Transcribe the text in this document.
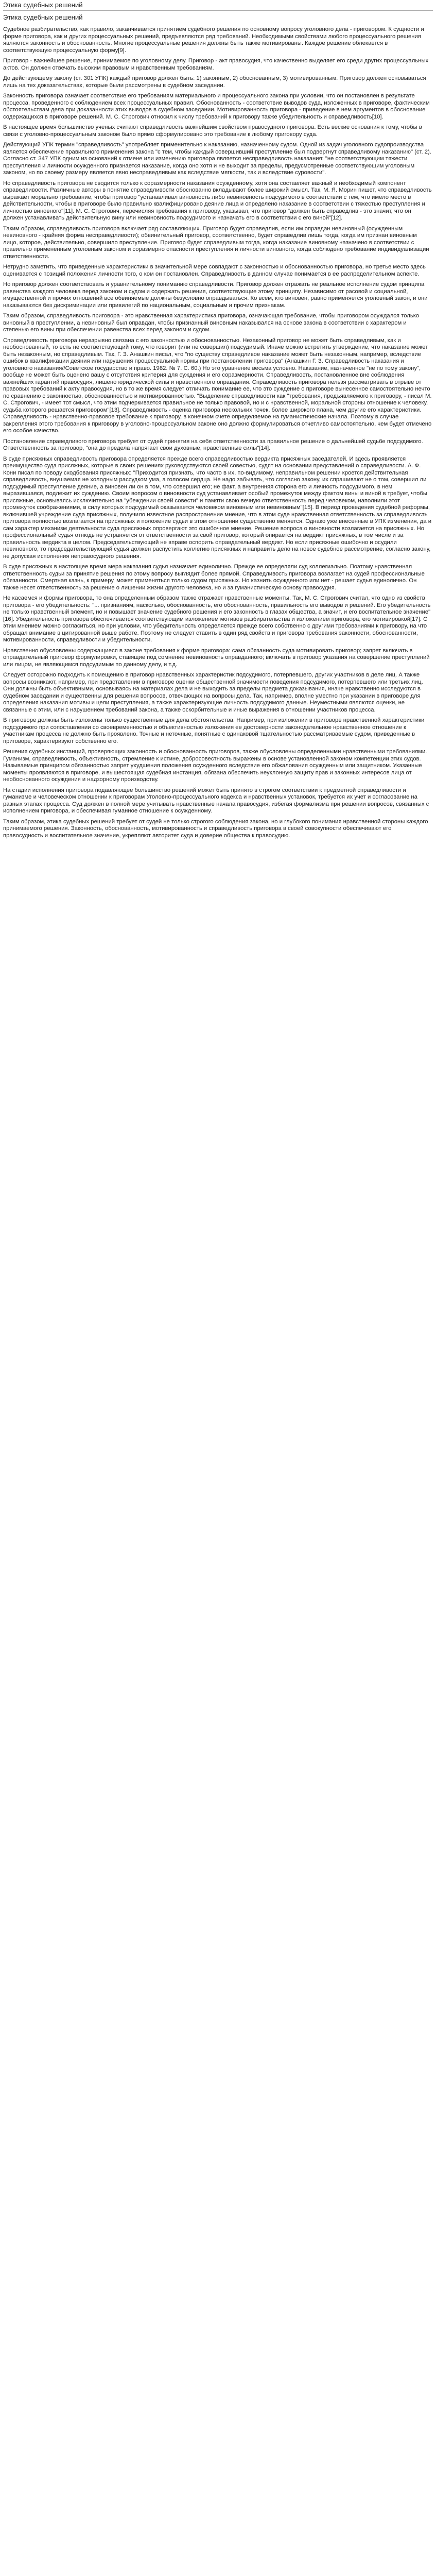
Этика судебных решений
Этика судебных решений

Судебное разбирательство, как правило, заканчивается принятием судебного решения по основному вопросу уголовного дела - приговором. К сущности и форме приговора, как и других процессуальных решений, предъявляются ряд требований. Необходимыми свойствами любого процессуального решения являются законность и обоснованность. Многие процессуальные решения должны быть также мотивированы. Каждое решение облекается в соответствующую процессуальную форму[9].

Приговор - важнейшее решение, принимаемое по уголовному делу. Приговор - акт правосудия, что качественно выделяет его среди других процессуальных актов. Он должен отвечать высоким правовым и нравственным требованиям.

До действующему закону (ст. 301 УПК) каждый приговор должен быть: 1) законным, 2) обоснованным, 3) мотивированным. Приговор должен основываться лишь на тех доказательствах, которые были рассмотрены в судебном заседании.

Законность приговора означает соответствие его требованиям материального и процессуального закона при условии, что он постановлен в результате процесса, проведенного с соблюдением всех процессуальных правил. Обоснованность - соответствие выводов суда, изложенных в приговоре, фактическим обстоятельствам дела при доказанности этих выводов в судебном заседании. Мотивированность приговора - приведение в нем аргументов в обоснование содержащихся в приговоре решений. М. С. Строгович относил к числу требований к приговору также убедительность и справедливость[10].

В настоящее время большинство ученых считают справедливость важнейшим свойством правосудного приговора. Есть веские основания к тому, чтобы в связи с уголовно-процессуальным законом было прямо сформулировано это требование к любому приговору суда.

Действующий УПК термин "справедливость" употребляет применительно к наказанию, назначенному судом. Одной из задач уголовного судопроизводства является обеспечение правильного применения закона "с тем, чтобы каждый совершивший преступление был подвергнут справедливому наказанию" (ст. 2). Согласно ст. 347 УПК одним из оснований к отмене или изменению приговора является несправедливость наказания: "не соответствующим тяжести преступления и личности осужденного признается наказание, когда оно хотя и не выходит за пределы, предусмотренные соответствующим уголовным законом, но по своему размеру является явно несправедливым как вследствие мягкости, так и вследствие суровости".

Но справедливость приговора не сводится только к соразмерности наказания осужденному, хотя она составляет важный и необходимый компонент справедливости. Различные авторы в понятие справедливости обоснованно вкладывают более широкий смысл. Так, М. Я. Морин пишет, что справедливость выражает морально требование, чтобы приговор "устанавливал виновность либо невиновность подсудимого в соответствии с тем, что имело место в действительности, чтобы в приговоре было правильно квалифицировано деяние лица и определено наказание в соответствии с тяжестью преступления и личностью виновного"[11]. М. С. Строгович, перечисляя требования к приговору, указывал, что приговор "должен быть справедлив - это значит, что он должен устанавливать действительную вину или невиновность подсудимого и назначать его в соответствии с его виной"[12].

Таким образом, справедливость приговора включает ряд составляющих. Приговор будет справедлив, если им оправдан невиновный (осужденным невиновного - крайняя форма несправедливости); обвинительный приговор, соответственно, будет справедлив лишь тогда, когда им признан виновным лицо, которое, действительно, совершило преступление. Приговор будет справедливым тогда, когда наказание виновному назначено в соответствии с правильно примененным уголовным законом и соразмерно опасности преступления и личности виновного, когда соблюдено требование индивидуализации ответственности.

Нетрудно заметить, что приведенные характеристики в значительной мере совпадают с законностью и обоснованностью приговора, но третье место здесь оценивается с позиций положения личности того, о ком он постановлен. Справедливость в данном случае понимается в ее распределительном аспекте.

Но приговор должен соответствовать и уравнительному пониманию справедливости. Приговор должен отражать не реальное исполнение судом принципа равенства каждого человека перед законом и судом и содержать решения, соответствующие этому принципу. Независимо от расовой и социальной, имущественной и прочих отношений все обвиняемые должны безусловно оправдываться. Ко всем, кто виновен, равно применяется уголовный закон, и они наказываются без дискриминации или привилегий по национальным, социальным и прочим признакам.

Таким образом, справедливость приговора - это нравственная характеристика приговора, означающая требование, чтобы приговором осуждался только виновный в преступлении, а невиновный был оправдан, чтобы признанный виновным наказывался на основе закона в соответствии с характером и степенью его вины при обеспечении равенства всех перед законом и судом.

Справедливость приговора неразрывно связана с его законностью и обоснованностью. Незаконный приговор не может быть справедливым, как и необоснованный, то есть не соответствующий тому, что говорит (или не совершил) подсудимый. Иначе можно встретить утверждение, что наказание может быть незаконным, но справедливым. Так, Г. З. Анашкин писал, что "по существу справедливое наказание может быть незаконным, например, вследствие ошибок в квалификации деяния или нарушения процессуальной нормы при постановлении приговора" (Анашкин Г. З. Справедливость наказания и уголовного наказания//Советское государство и право. 1982. № 7. С. 60.) Но это уравнение весьма условно. Наказание, назначенное "не по тому закону", вообще не может быть оценено вашу с отсутствия критерия для суждения и его соразмерности. Справедливость, постановленное вне соблюдения важнейших гарантий правосудия, лишено юридической силы и нравственного оправдания. Справедливость приговора нельзя рассматривать в отрыве от правовых требований к акту правосудия, но в то же время следует отличать понимание ее, что это суждение о приговоре вынесенное самостоятельно нечто по сравнению с законностью, обоснованностью и мотивированностью. "Выделение справедливости как "требования, предъявляемого к приговору, - писал М. С. Строгович, - имеет тот смысл, что этим подчеркивается правильное не только правовой, но и с нравственной, моральной стороны отношение к человеку, судьба которого решается приговором"[13]. Справедливость - оценка приговора нескольких точек, более широкого плана, чем другие его характеристики. Справедливость - нравственно-правовое требование к приговору, в конечном счете определяемое на гуманистические начала. Поэтому в случае закрепления этого требования к приговору в уголовно-процессуальном законе оно должно формулироваться отчетливо самостоятельно, чем будет отмечено его особое качество.

Постановление справедливого приговора требует от судей принятия на себя ответственности за правильное решение о дальнейшей судьбе подсудимого. Ответственность за приговор, "она до предела напрягает свои духовные, нравственные силы"[14].

В суде присяжных справедливость приговора определяется прежде всего справедливостью вердикта присяжных заседателей. И здесь проявляется преимущество суда присяжных, которые в своих решениях руководствуются своей совестью, судят на основании представлений о справедливости. А. Ф. Кони писал по поводу сходбования присяжных: "Приходится признать, что часто в их, по-видимому, неправильном решении кроется действительная справедливость, внушаемая не холодным рассудком ума, а голосом сердца. Не надо забывать, что согласно закону, их спрашивают не о том, совершил ли подсудимый преступление деяние, а виновен ли он в том, что совершил его; не факт, а внутренняя сторона его и личность подсудимого, в нем выразившаяся, подлежит их суждению. Своим вопросом о виновности суд устанавливает особый промежуток между фактом вины и виной в требует, чтобы присяжные, основываясь исключительно на "убеждении своей совести" и памяти свою вечную ответственность перед человеком, наполнили этот промежуток соображениями, в силу которых подсудимый оказывается человеком виновным или невиновным"[15]. В период проведения судебной реформы, включившей учреждение суда присяжных, получило известное распространение мнение, что в этом суде нравственная ответственность за справедливость приговора полностью возлагается на присяжных и положение судьи в этом отношении существенно меняется. Однако уже внесенные в УПК изменения, да и сам характер механизм деятельности суда присяжных опровергают это ошибочное мнение. Решение вопроса о виновности возлагается на присяжных. Но профессиональный судья отнюдь не устраняется от ответственности за свой приговор, который опирается на вердикт присяжных, в том числе и за правильность вердикта в целом. Председательствующий не вправе оспорить оправдательный вердикт. Но если присяжные ошибочно и осудили невиновного, то председательствующий судья должен распустить коллегию присяжных и направить дело на новое судебное рассмотрение, согласно закону, не допуская исполнения неправосудного решения.

В суде присяжных в настоящее время мера наказания судья назначает единолично. Прежде ее определяли суд коллегиально. Поэтому нравственная ответственность судьи за принятие решения по этому вопросу выглядит более прямой. Справедливость приговора возлагает на судей профессиональные обязанности. Смертная казнь, к примеру, может применяться только судом присяжных. Но казнить осужденного или нет - решает судья единолично. Он также несет ответственность за решение о лишении жизни другого человека, но и за гуманистическую основу правосудия.

Не касаемся и формы приговора, то она определенным образом также отражает нравственные моменты. Так, М. С. Строгович считал, что одно из свойств приговора - его убедительность: "... признаниям, насколько, обоснованность, его обоснованность, правильность его выводов и решений. Его убедительность не только нравственный элемент, но и повышает значение судебного решения и его законность в глазах общества, а значит, и его воспитательное значение"[16]. Убедительность приговора обеспечивается соответствующим изложением мотивов разбирательства и изложением приговора, его мотивировкой[17]. С этим мнением можно согласиться, но при условии, что убедительность определяется прежде всего собственно с другими требованиями к приговору, на что обращал внимание в цитированной выше работе. Поэтому не следует ставить в один ряд свойств и приговора требования законности, обоснованности, мотивированности, справедливости и убедительности.

Нравственно обусловлены содержащиеся в законе требования к форме приговора: сама обязанность суда мотивировать приговор; запрет включать в оправдательный приговор формулировки, ставящие под сомнение невиновность оправданного; включать в приговор указания на совершение преступлений или лицом, не являющимся подсудимым по данному делу, и т.д.

Следует осторожно подходить к помещению в приговор нравственных характеристик подсудимого, потерпевшего, других участников в деле лиц. А также вопросы возникают, например, при представлении в приговоре оценки общественной значимости поведения подсудимого, потерпевшего или третьих лиц. Они должны быть объективными, основываясь на материалах дела и не выходить за пределы предмета доказывания, иначе нравственно исследуются в судебном заседании и существенны для решения вопросов, отвечающих на вопросы дела. Так, например, вполне уместно при указании в приговоре для определения наказания мотивы и цели преступления, а также характеризующие личность подсудимого данные. Неуместными являются оценки, не связанные с этим, или с нарушением требований закона, а также оскорбительные и иные выражения в отношении участников процесса.

В приговоре должны быть изложены только существенные для дела обстоятельства. Например, при изложении в приговоре нравственной характеристики подсудимого при сопоставлении со своевременностью и объективностью изложения ее достоверности законодательное нравственное отношение к участникам процесса не должно быть проявлено. Точные и неточные, понятные с одинаковой тщательностью рассматриваемые судом, приведенные в приговоре, характеризуют собственно его.

Решения судебных инстанций, проверяющих законность и обоснованность приговоров, также обусловлены определенными нравственными требованиями. Гуманизм, справедливость, объективность, стремление к истине, добросовестность выражены в основе установленной законом компетенции этих судов. Называемые принципом обязанностью запрет ухудшения положения осужденного вследствие его обжалования осужденным или защитником. Указанные моменты проявляются в приговоре, и вышестоящая судебная инстанция, обязана обеспечить неуклонную защиту прав и законных интересов лица от необоснованного осуждения и надзорному производству.

На стадии исполнения приговора подавляющее большинство решений может быть принято в строгом соответствии к предметной справедливости и гуманизме и человеческом отношении к приговорам Уголовно-процессуального кодекса и нравственных установок, требуется их учет и согласование на разных этапах процесса. Суд должен в полной мере учитывать нравственные начала правосудия, избегая формализма при решении вопросов, связанных с исполнением приговора, и обеспечивая гуманное отношение к осужденному.

Таким образом, этика судебных решений требует от судей не только строгого соблюдения закона, но и глубокого понимания нравственной стороны каждого принимаемого решения. Законность, обоснованность, мотивированность и справедливость приговора в своей совокупности обеспечивают его правосудность и воспитательное значение, укрепляют авторитет суда и доверие общества к правосудию.
